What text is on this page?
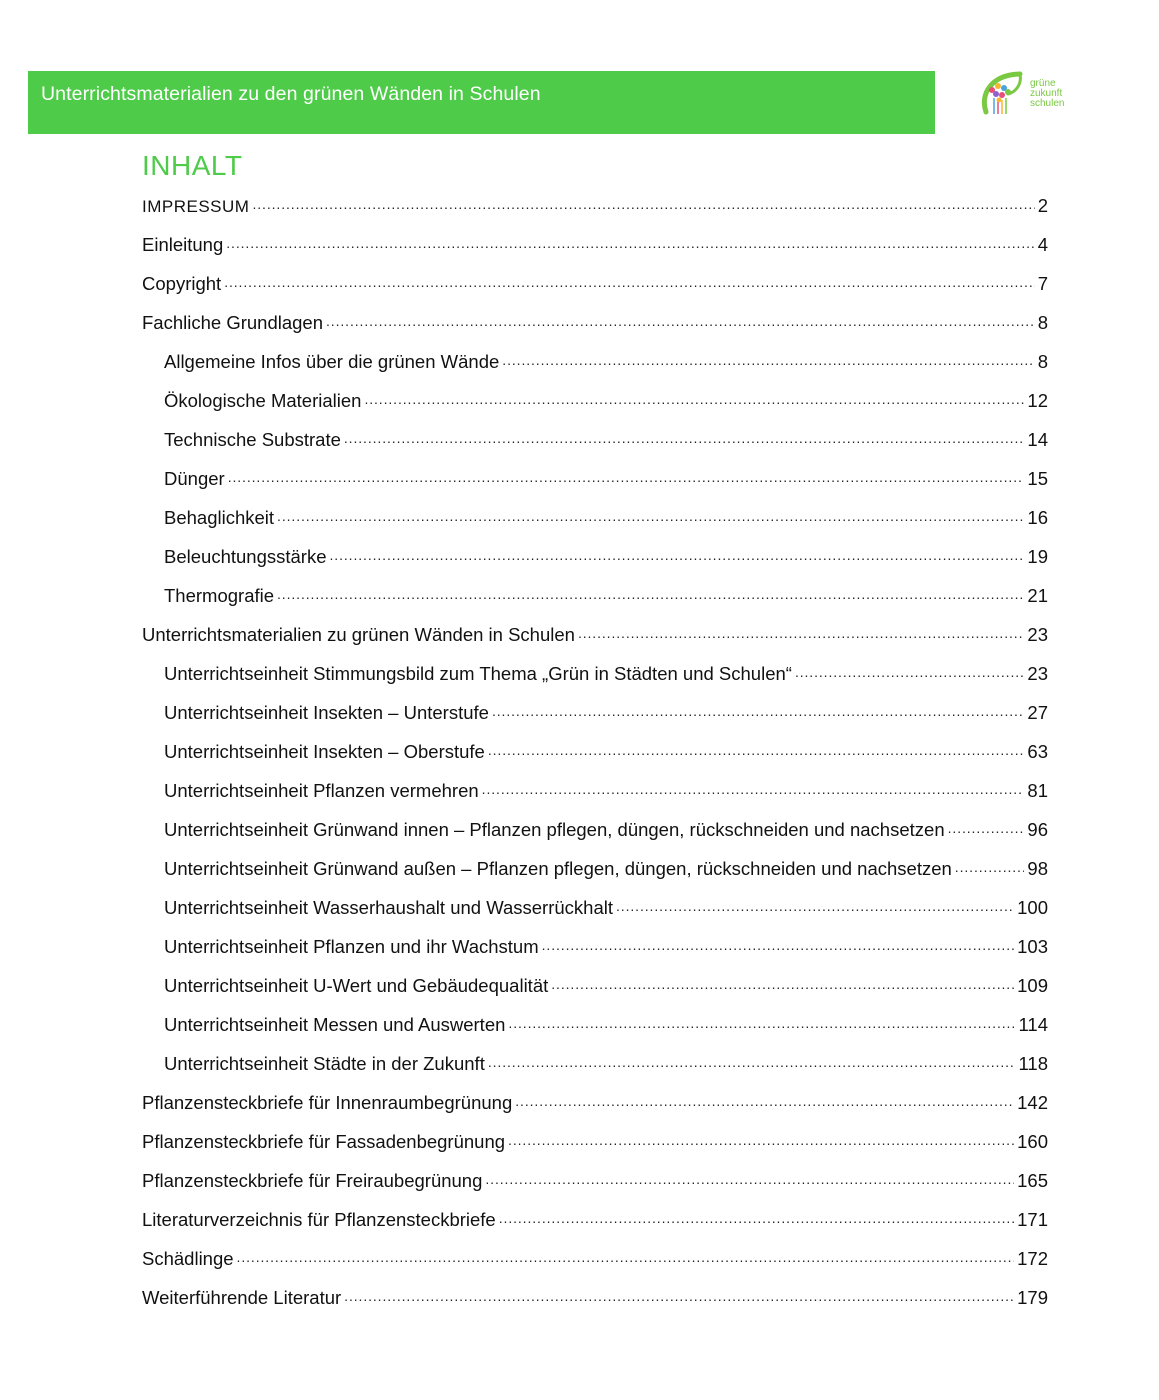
Unterrichtsmaterialien zu den grünen Wänden in Schulen	grüne
zukunft
schulen
INHALT
IMPRESSUM .....	2
Einleitung .....	4
Copyright .....	7
Fachliche Grundlagen .....	8
Allgemeine Infos über die grünen Wände .....	8
Ökologische Materialien .....	12
Technische Substrate .....	14
Dünger .....	15
Behaglichkeit .....	16
Beleuchtungsstärke .....	19
Thermografie .....	21
Unterrichtsmaterialien zu grünen Wänden in Schulen .....	23
Unterrichtseinheit Stimmungsbild zum Thema „Grün in Städten und Schulen“ .....	23
Unterrichtseinheit Insekten – Unterstufe .....	27
Unterrichtseinheit Insekten – Oberstufe .....	63
Unterrichtseinheit Pflanzen vermehren .....	81
Unterrichtseinheit Grünwand innen – Pflanzen pflegen, düngen, rückschneiden und nachsetzen .....	96
Unterrichtseinheit Grünwand außen – Pflanzen pflegen, düngen, rückschneiden und nachsetzen .....	98
Unterrichtseinheit Wasserhaushalt und Wasserrückhalt .....	100
Unterrichtseinheit Pflanzen und ihr Wachstum .....	103
Unterrichtseinheit U-Wert und Gebäudequalität .....	109
Unterrichtseinheit Messen und Auswerten .....	114
Unterrichtseinheit Städte in der Zukunft .....	118
Pflanzensteckbriefe für Innenraumbegrünung .....	142
Pflanzensteckbriefe für Fassadenbegrünung .....	160
Pflanzensteckbriefe für Freiraubegrünung .....	165
Literaturverzeichnis für Pflanzensteckbriefe .....	171
Schädlinge .....	172
Weiterführende Literatur .....	179
